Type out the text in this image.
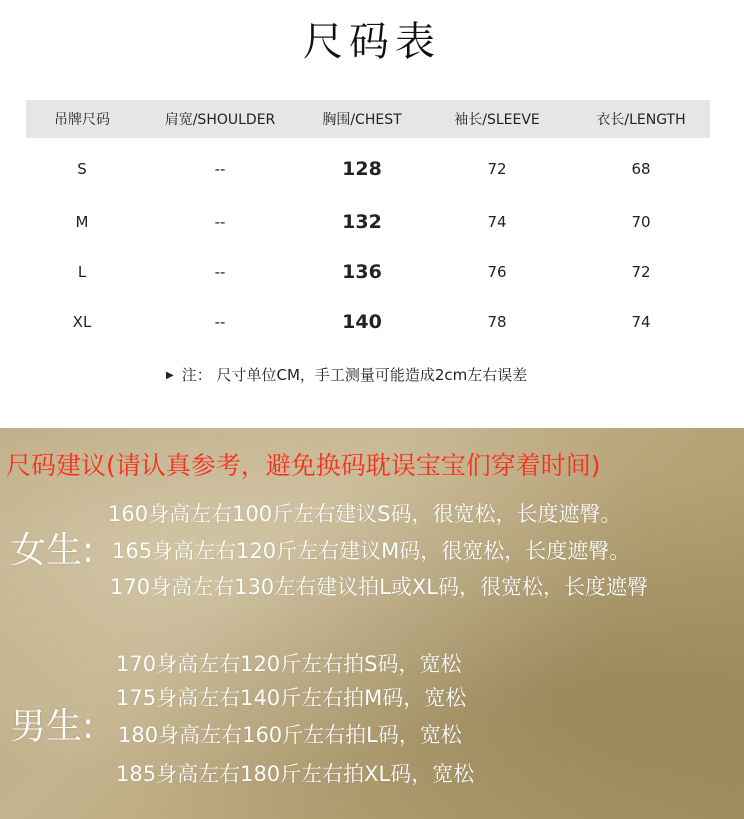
尺码表
吊牌尺码	肩宽/SHOULDER	胸围/CHEST	袖长/SLEEVE	衣长/LENGTH
S	--	128	72	68
M	--	132	74	70
L	--	136	76	72
XL	--	140	78	74
▶ 注： 尺寸单位CM，手工测量可能造成2cm左右误差
尺码建议(请认真参考，避免换码耽误宝宝们穿着时间)
女生:
160身高左右100斤左右建议S码，很宽松，长度遮臀。
165身高左右120斤左右建议M码，很宽松，长度遮臀。
170身高左右130左右建议拍L或XL码，很宽松，长度遮臀
男生:
170身高左右120斤左右拍S码，宽松
175身高左右140斤左右拍M码，宽松
180身高左右160斤左右拍L码，宽松
185身高左右180斤左右拍XL码，宽松
